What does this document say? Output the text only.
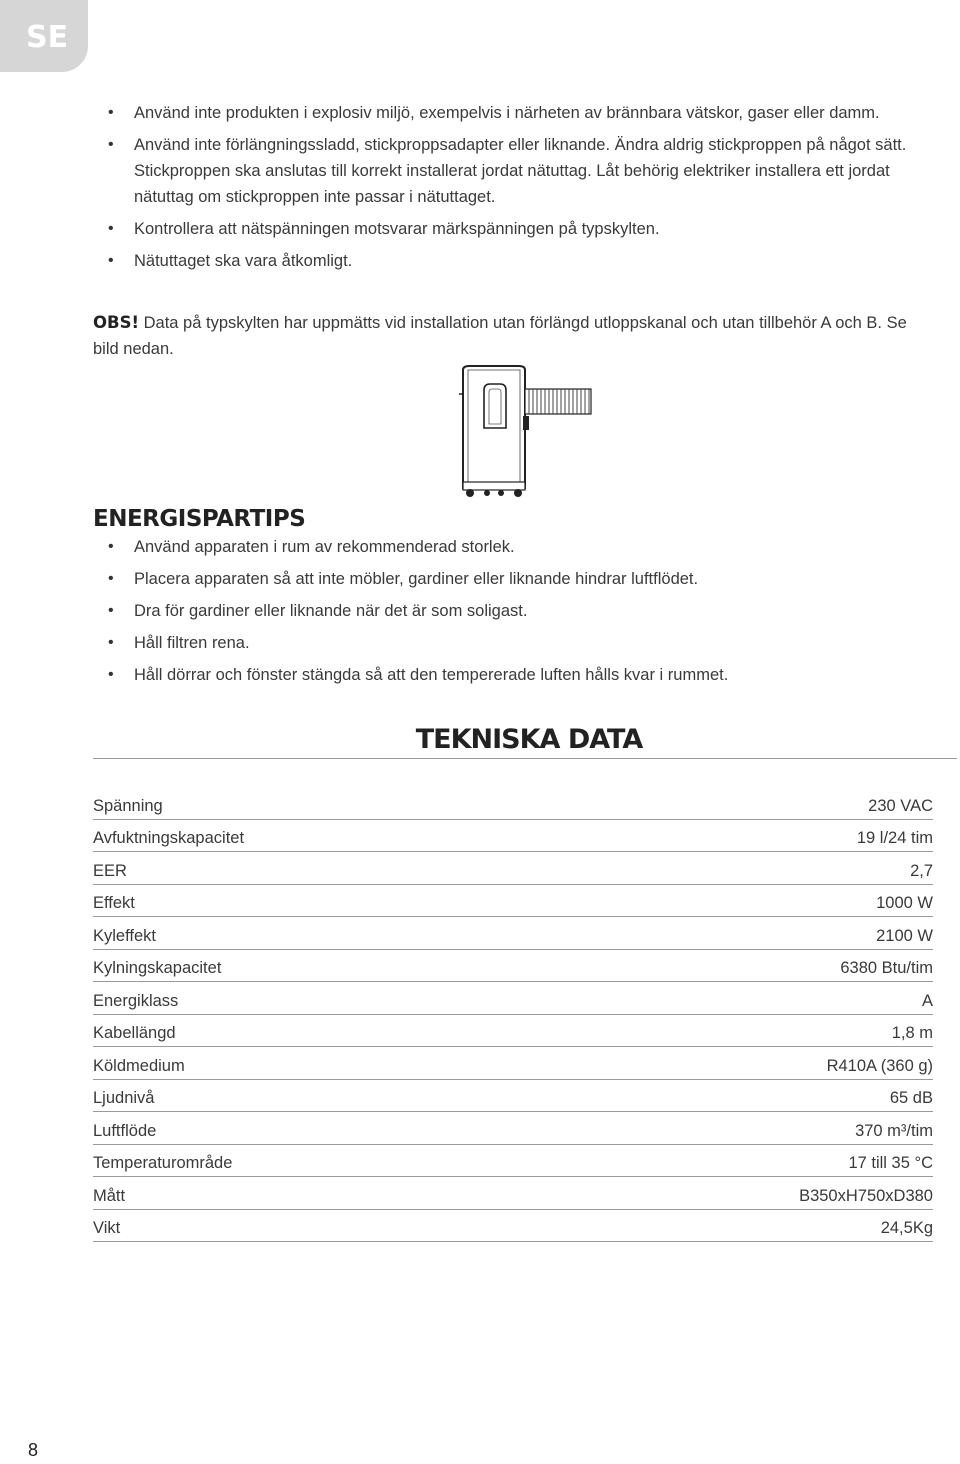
SE
• Använd inte produkten i explosiv miljö, exempelvis i närheten av brännbara vätskor, gaser eller damm.
• Använd inte förlängningssladd, stickproppsadapter eller liknande. Ändra aldrig stickproppen på något sätt. Stickproppen ska anslutas till korrekt installerat jordat nätuttag. Låt behörig elektriker installera ett jordat nätuttag om stickproppen inte passar i nätuttaget.
• Kontrollera att nätspänningen motsvarar märkspänningen på typskylten.
• Nätuttaget ska vara åtkomligt.

OBS! Data på typskylten har uppmätts vid installation utan förlängd utloppskanal och utan tillbehör A och B. Se bild nedan.

ENERGISPARTIPS
• Använd apparaten i rum av rekommenderad storlek.
• Placera apparaten så att inte möbler, gardiner eller liknande hindrar luftflödet.
• Dra för gardiner eller liknande när det är som soligast.
• Håll filtren rena.
• Håll dörrar och fönster stängda så att den tempererade luften hålls kvar i rummet.
TEKNISKA DATA
Spänning	230 VAC
Avfuktningskapacitet	19 l/24 tim
EER	2,7
Effekt	1000 W
Kyleffekt	2100 W
Kylningskapacitet	6380 Btu/tim
Energiklass	A
Kabellängd	1,8 m
Köldmedium	R410A (360 g)
Ljudnivå	65 dB
Luftflöde	370 m³/tim
Temperaturområde	17 till 35 °C
Mått	B350xH750xD380
Vikt	24,5Kg
8
